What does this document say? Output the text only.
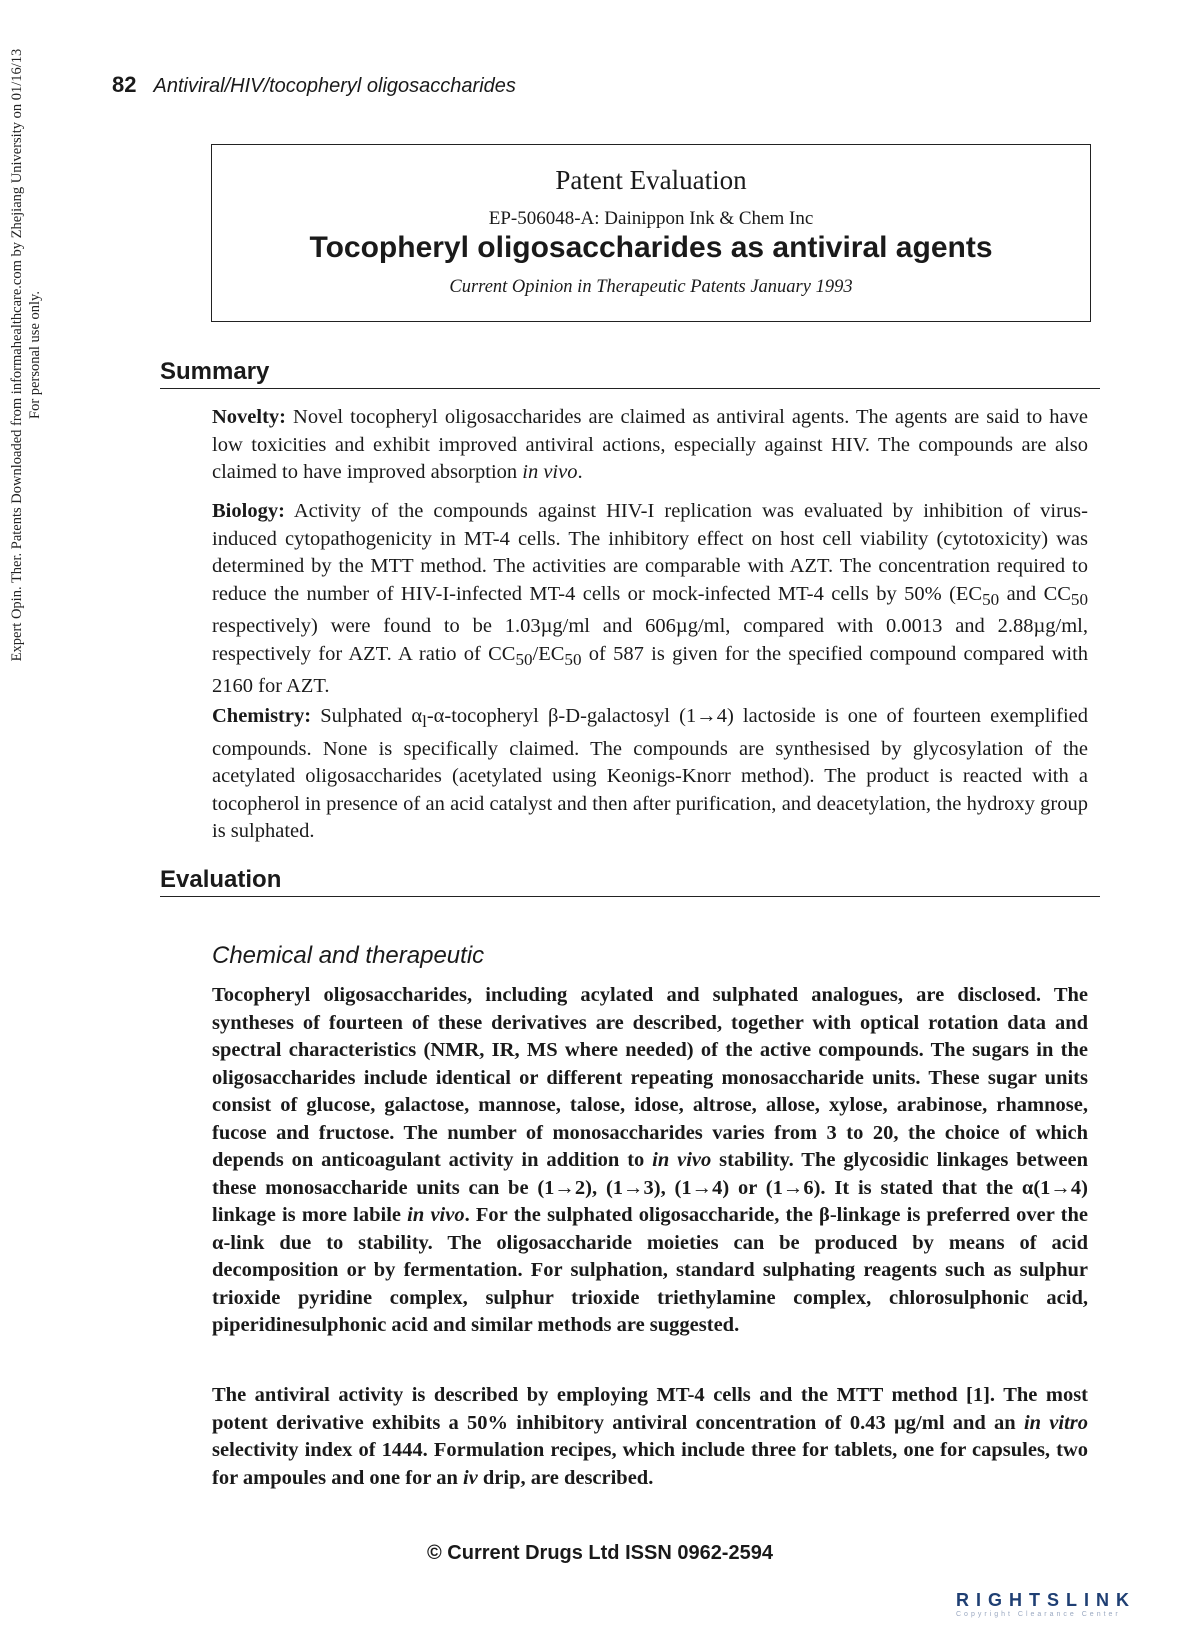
82 Antiviral/HIV/tocopheryl oligosaccharides
Expert Opin. Ther. Patents Downloaded from informahealthcare.com by Zhejiang University on 01/16/13 For personal use only.
Patent Evaluation
EP-506048-A: Dainippon Ink & Chem Inc
Tocopheryl oligosaccharides as antiviral agents
Current Opinion in Therapeutic Patents January 1993
Summary

Novelty: Novel tocopheryl oligosaccharides are claimed as antiviral agents. The agents are said to have low toxicities and exhibit improved antiviral actions, especially against HIV. The compounds are also claimed to have improved absorption in vivo.

Biology: Activity of the compounds against HIV-I replication was evaluated by inhibition of virus-induced cytopathogenicity in MT-4 cells. The inhibitory effect on host cell viability (cytotoxicity) was determined by the MTT method. The activities are comparable with AZT. The concentration required to reduce the number of HIV-I-infected MT-4 cells or mock-infected MT-4 cells by 50% ($EC_{50}$ and $CC_{50}$ respectively) were found to be 1.03µg/ml and 606µg/ml, compared with 0.0013 and 2.88µg/ml, respectively for AZT. A ratio of $CC_{50}/EC_{50}$ of 587 is given for the specified compound compared with 2160 for AZT.

Chemistry: Sulphated $\alpha_l-\alpha$-tocopheryl β-D-galactosyl (1→4) lactoside is one of fourteen exemplified compounds. None is specifically claimed. The compounds are synthesised by glycosylation of the acetylated oligosaccharides (acetylated using Keonigs-Knorr method). The product is reacted with a tocopherol in presence of an acid catalyst and then after purification, and deacetylation, the hydroxy group is sulphated.

Evaluation
Chemical and therapeutic

Tocopheryl oligosaccharides, including acylated and sulphated analogues, are disclosed. The syntheses of fourteen of these derivatives are described, together with optical rotation data and spectral characteristics (NMR, IR, MS where needed) of the active compounds. The sugars in the oligosaccharides include identical or different repeating monosaccharide units. These sugar units consist of glucose, galactose, mannose, talose, idose, altrose, allose, xylose, arabinose, rhamnose, fucose and fructose. The number of monosaccharides varies from 3 to 20, the choice of which depends on anticoagulant activity in addition to in vivo stability. The glycosidic linkages between these monosaccharide units can be (1→2), (1→3), (1→4) or (1→6). It is stated that the α(1→4) linkage is more labile in vivo. For the sulphated oligosaccharide, the β-linkage is preferred over the α-link due to stability. The oligosaccharide moieties can be produced by means of acid decomposition or by fermentation. For sulphation, standard sulphating reagents such as sulphur trioxide pyridine complex, sulphur trioxide triethylamine complex, chlorosulphonic acid, piperidinesulphonic acid and similar methods are suggested.

The antiviral activity is described by employing MT-4 cells and the MTT method [1]. The most potent derivative exhibits a 50% inhibitory antiviral concentration of 0.43 µg/ml and an in vitro selectivity index of 1444. Formulation recipes, which include three for tablets, one for capsules, two for ampoules and one for an iv drip, are described.

© Current Drugs Ltd ISSN 0962-2594
RIGHTSLINK
Copyright Clearance Center
